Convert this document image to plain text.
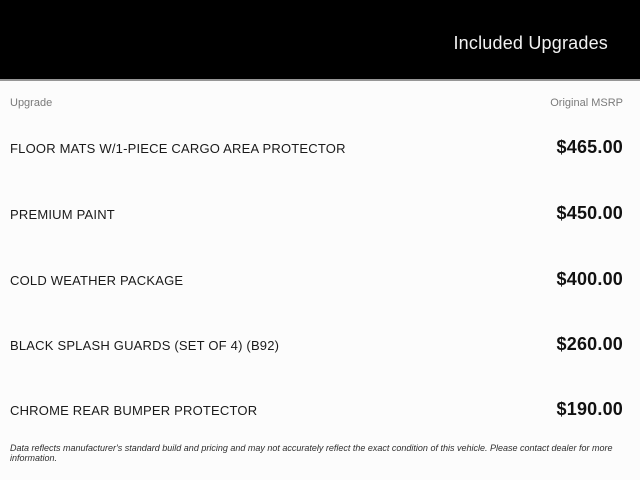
Included Upgrades
Upgrade	Original MSRP
FLOOR MATS W/1-PIECE CARGO AREA PROTECTOR	$465.00
PREMIUM PAINT	$450.00
COLD WEATHER PACKAGE	$400.00
BLACK SPLASH GUARDS (SET OF 4) (B92)	$260.00
CHROME REAR BUMPER PROTECTOR	$190.00
Data reflects manufacturer's standard build and pricing and may not accurately reflect the exact condition of this vehicle. Please contact dealer for more information.
